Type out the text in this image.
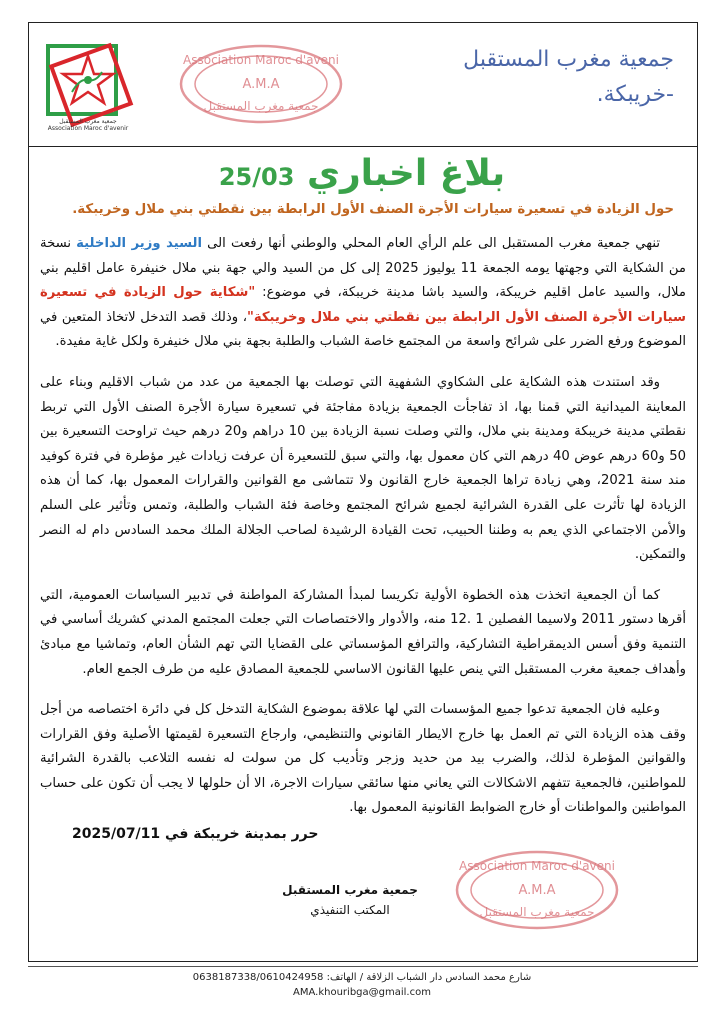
جمعية مغرب المستقبل
Association Maroc d'avenir
جمعية مغرب المستقبل
-خريبكة.
Association Maroc d'aveni
A.M.A
جمعية مغرب المستقبل
بلاغ اخباري 25/03
حول الزيادة في تسعيرة سيارات الأجرة الصنف الأول الرابطة بين نقطتي بني ملال وخريبكة.

تنهي جمعية مغرب المستقبل الى علم الرأي العام المحلي والوطني أنها رفعت الى السيد وزير الداخلية نسخة من الشكاية التي وجهتها يومه الجمعة 11 يوليوز 2025 إلى كل من السيد والي جهة بني ملال خنيفرة عامل اقليم بني ملال، والسيد عامل اقليم خريبكة، والسيد باشا مدينة خريبكة، في موضوع: "شكاية حول الزيادة في تسعيرة سيارات الأجرة الصنف الأول الرابطة بين نقطتي بني ملال وخريبكة"، وذلك قصد التدخل لاتخاذ المتعين في الموضوع ورفع الضرر على شرائح واسعة من المجتمع خاصة الشباب والطلبة بجهة بني ملال خنيفرة ولكل غاية مفيدة.

وقد استندت هذه الشكاية على الشكاوي الشفهية التي توصلت بها الجمعية من عدد من شباب الاقليم وبناء على المعاينة الميدانية التي قمنا بها، اذ تفاجأت الجمعية بزيادة مفاجئة في تسعيرة سيارة الأجرة الصنف الأول التي تربط نقطتي مدينة خريبكة ومدينة بني ملال، والتي وصلت نسبة الزيادة بين 10 دراهم و20 درهم حيث تراوحت التسعيرة بين 50 و60 درهم عوض 40 درهم التي كان معمول بها، والتي سبق للتسعيرة أن عرفت زيادات غير مؤطرة في فترة كوفيد مند سنة 2021، وهي زيادة تراها الجمعية خارج القانون ولا تتماشى مع القوانين والقرارات المعمول بها، كما أن هذه الزيادة لها تأثرت على القدرة الشرائية لجميع شرائح المجتمع وخاصة فئة الشباب والطلبة، وتمس وتأثير على السلم والأمن الاجتماعي الذي يعم به وطننا الحبيب، تحت القيادة الرشيدة لصاحب الجلالة الملك محمد السادس دام له النصر والتمكين.

كما أن الجمعية اتخذت هذه الخطوة الأولية تكريسا لمبدأ المشاركة المواطنة في تدبير السياسات العمومية، التي أقرها دستور 2011 ولاسيما الفصلين 1 .12 منه، والأدوار والاختصاصات التي جعلت المجتمع المدني كشريك أساسي في التنمية وفق أسس الديمقراطية التشاركية، والترافع المؤسساتي على القضايا التي تهم الشأن العام، وتماشيا مع مبادئ وأهداف جمعية مغرب المستقبل التي ينص عليها القانون الاساسي للجمعية المصادق عليه من طرف الجمع العام.

وعليه فان الجمعية تدعوا جميع المؤسسات التي لها علاقة بموضوع الشكاية التدخل كل في دائرة اختصاصه من أجل وقف هذه الزيادة التي تم العمل بها خارج الايطار القانوني والتنظيمي، وارجاع التسعيرة لقيمتها الأصلية وفق القرارات والقوانين المؤطرة لذلك، والضرب بيد من حديد وزجر وتأديب كل من سولت له نفسه التلاعب بالقدرة الشرائية للمواطنين، فالجمعية تتفهم الاشكالات التي يعاني منها سائقي سيارات الاجرة، الا أن حلولها لا يجب أن تكون على حساب المواطنين والمواطنات أو خارج الضوابط القانونية المعمول بها.

حرر بمدينة خريبكة في 2025/07/11
جمعية مغرب المستقبل
المكتب التنفيذي
Association Maroc d'aveni
A.M.A
جمعية مغرب المستقبل
شارع محمد السادس دار الشباب الزلاقة / الهاتف: 0638187338/0610424958
AMA.khouribga@gmail.com
